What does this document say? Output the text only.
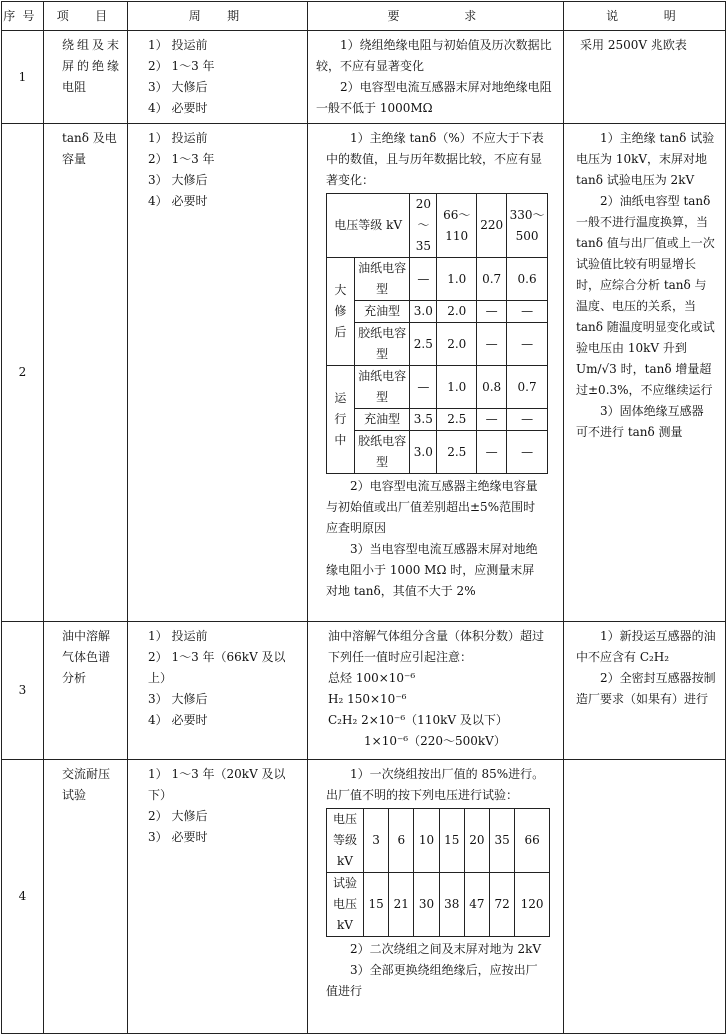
序号	项　目	周　期	要　　　求	说　　明
1	
绕组及末屏的绝缘电阻

1） 投运前
2） 1～3 年
3） 大修后
4） 必要时

1）绕组绝缘电阻与初始值及历次数据比较，不应有显著变化
2）电容型电流互感器末屏对地绝缘电阻一般不低于 1000MΩ

采用 2500V 兆欧表

2	
tanδ 及电容量

1） 投运前
2） 1～3 年
3） 大修后
4） 必要时

1）主绝缘 tanδ（%）不应大于下表中的数值，且与历年数据比较，不应有显著变化：
电压等级 kV	20～35	66～110	220	330～500
大修后	油纸电容型	—	1.0	0.7	0.6
充油型	3.0	2.0	—	—
胶纸电容型	2.5	2.0	—	—
运行中	油纸电容型	—	1.0	0.8	0.7
充油型	3.5	2.5	—	—
胶纸电容型	3.0	2.5	—	—
2）电容型电流互感器主绝缘电容量与初始值或出厂值差别超出±5%范围时应查明原因
3）当电容型电流互感器末屏对地绝缘电阻小于 1000 MΩ 时，应测量末屏对地 tanδ，其值不大于 2%

1）主绝缘 tanδ 试验电压为 10kV，末屏对地 tanδ 试验电压为 2kV
2）油纸电容型 tanδ 一般不进行温度换算，当 tanδ 值与出厂值或上一次试验值比较有明显增长时，应综合分析 tanδ 与温度、电压的关系，当 tanδ 随温度明显变化或试验电压由 10kV 升到 Um/√3 时，tanδ 增量超过±0.3%，不应继续运行
3）固体绝缘互感器可不进行 tanδ 测量

3	
油中溶解气体色谱分析

1） 投运前
2） 1～3 年（66kV 及以上）
3） 大修后
4） 必要时

油中溶解气体组分含量（体积分数）超过下列任一值时应引起注意：
总烃 100×10⁻⁶
H₂ 150×10⁻⁶
C₂H₂ 2×10⁻⁶（110kV 及以下）
1×10⁻⁶（220～500kV）

1）新投运互感器的油中不应含有 C₂H₂
2）全密封互感器按制造厂要求（如果有）进行

4	
交流耐压试验

1） 1～3 年（20kV 及以下）
2） 大修后
3） 必要时

1）一次绕组按出厂值的 85%进行。出厂值不明的按下列电压进行试验：
电压等级 kV	3	6	10	15	20	35	66
试验电压 kV	15	21	30	38	47	72	120
2）二次绕组之间及末屏对地为 2kV
3）全部更换绕组绝缘后，应按出厂值进行
